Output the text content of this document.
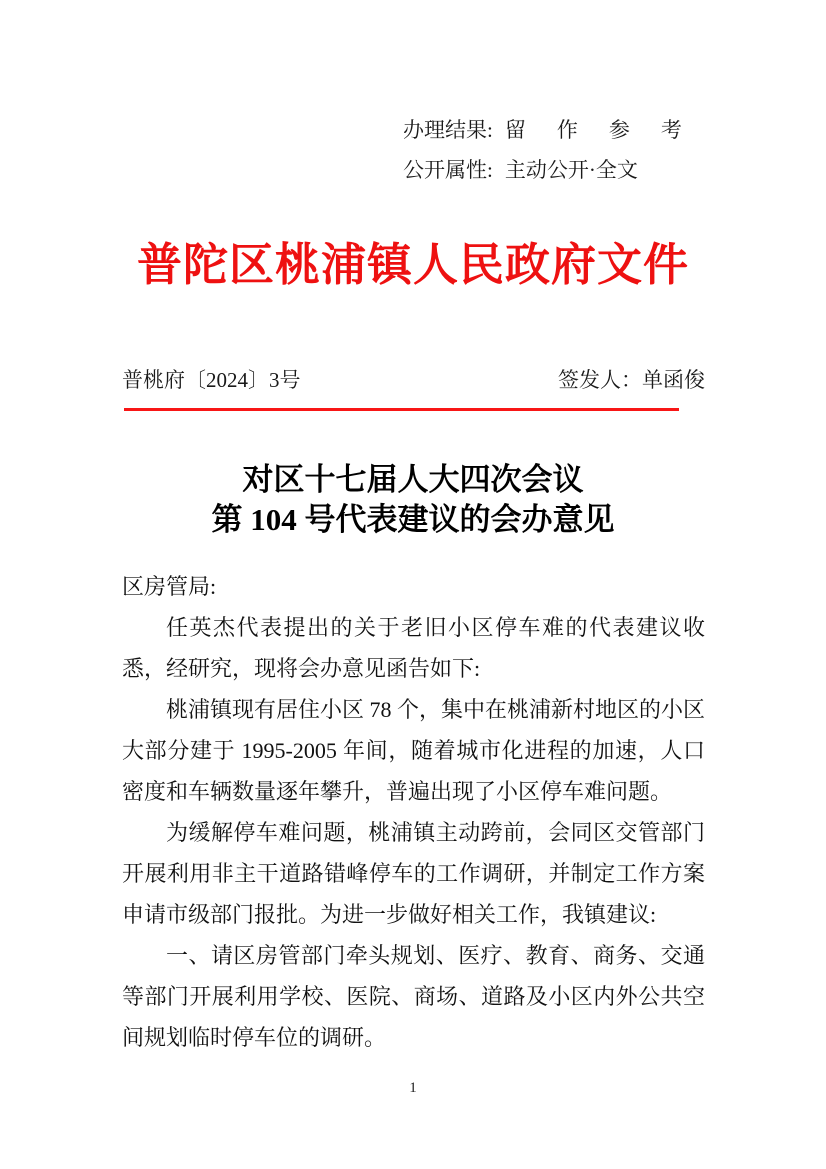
办理结果: 留　作　参　考
公开属性: 主动公开·全文
普陀区桃浦镇人民政府文件
普桃府〔2024〕3号	签发人：单函俊
对区十七届人大四次会议
第 104 号代表建议的会办意见

区房管局:

任英杰代表提出的关于老旧小区停车难的代表建议收悉，经研究，现将会办意见函告如下:

桃浦镇现有居住小区 78 个，集中在桃浦新村地区的小区大部分建于 1995-2005 年间，随着城市化进程的加速，人口密度和车辆数量逐年攀升，普遍出现了小区停车难问题。

为缓解停车难问题，桃浦镇主动跨前，会同区交管部门开展利用非主干道路错峰停车的工作调研，并制定工作方案申请市级部门报批。为进一步做好相关工作，我镇建议:

一、请区房管部门牵头规划、医疗、教育、商务、交通等部门开展利用学校、医院、商场、道路及小区内外公共空间规划临时停车位的调研。

1
